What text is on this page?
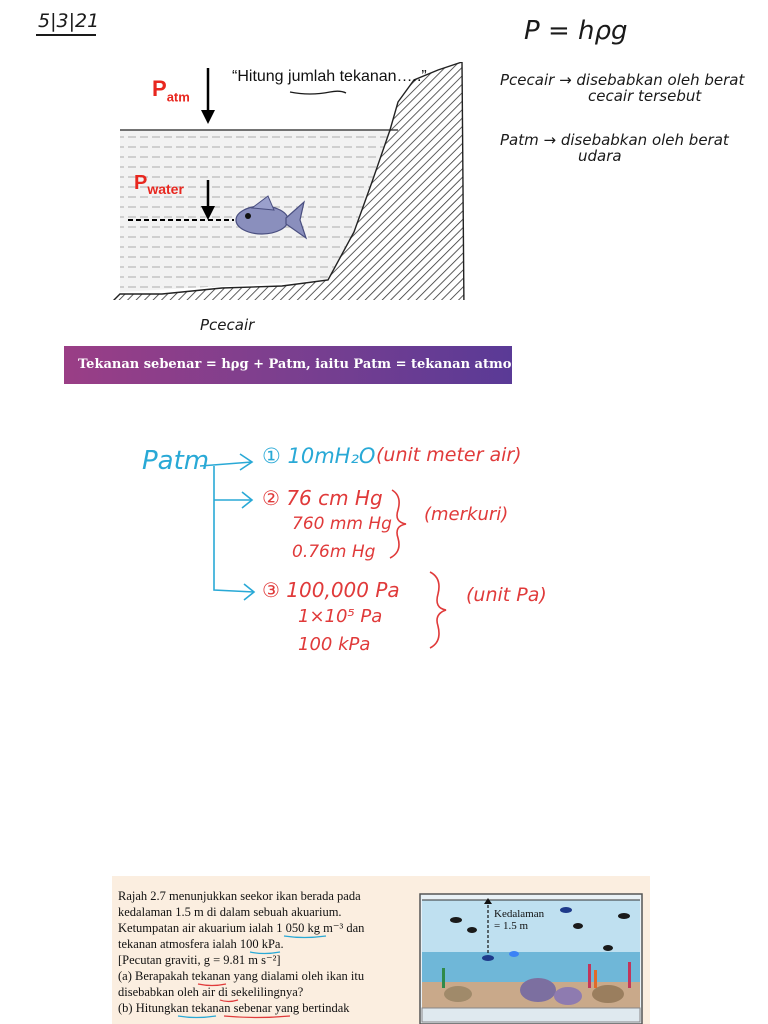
5|3|21	P = hρg
Pcecair → disebabkan oleh berat
cecair tersebut
Patm → disebabkan oleh berat
udara
“Hitung jumlah tekanan…..”
$P_{atm}$
$P_{water}$
Pcecair
Tekanan sebenar = hρg + Patm, iaitu Patm = tekanan atmosfera
Patm	① 10mH₂O (unit meter air)
② 76 cm Hg
760 mm Hg
0.76m Hg
(merkuri)
③ 100,000 Pa
1×10⁵ Pa
100 kPa
(unit Pa)

Rajah 2.7 menunjukkan seekor ikan berada pada

kedalaman 1.5 m di dalam sebuah akuarium.

Ketumpatan air akuarium ialah 1 050 kg m⁻³ dan

tekanan atmosfera ialah 100 kPa.

[Pecutan graviti, g = 9.81 m s⁻²]

(a) Berapakah tekanan yang dialami oleh ikan itu

disebabkan oleh air di sekelilingnya?

(b) Hitungkan tekanan sebenar yang bertindak

Kedalaman
= 1.5 m
